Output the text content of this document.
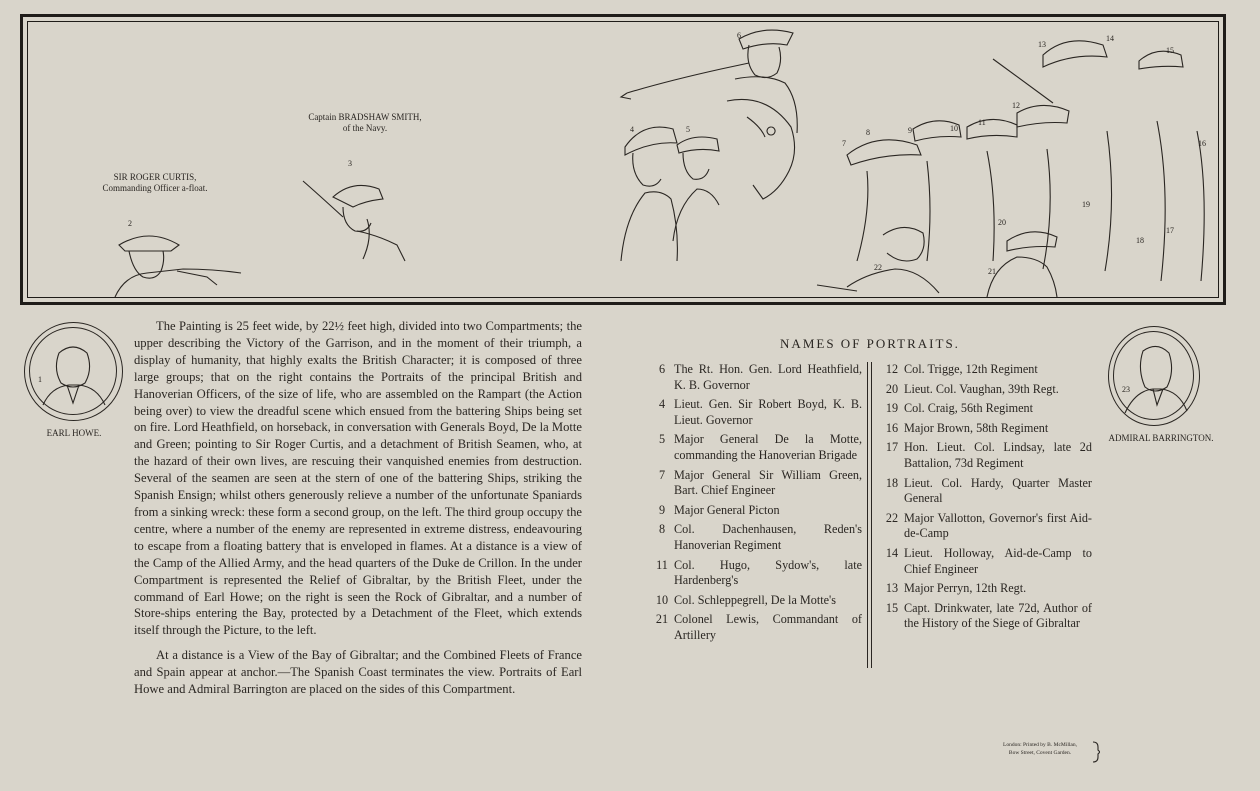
SIR ROGER CURTIS,
Commanding Officer a-float.
Captain BRADSHAW SMITH,
of the Navy.
2
3
6
4	5
7
8	9	10
11
12
13
14
15
16
17
18
19
20
21
22
1
EARL HOWE.

The Painting is 25 feet wide, by 22½ feet high, divided into two Compartments; the upper describing the Victory of the Garrison, and in the moment of their triumph, a display of humanity, that highly exalts the British Character; it is composed of three large groups; that on the right contains the Portraits of the principal British and Hanoverian Officers, of the size of life, who are assembled on the Rampart (the Action being over) to view the dreadful scene which ensued from the battering Ships being set on fire. Lord Heathfield, on horseback, in conversation with Generals Boyd, De la Motte and Green; pointing to Sir Roger Curtis, and a detachment of British Seamen, who, at the hazard of their own lives, are rescuing their vanquished enemies from destruction. Several of the seamen are seen at the stern of one of the battering Ships, striking the Spanish Ensign; whilst others generously relieve a number of the unfortunate Spaniards from a sinking wreck: these form a second group, on the left. The third group occupy the centre, where a number of the enemy are represented in extreme distress, endeavouring to escape from a floating battery that is enveloped in flames. At a distance is a view of the Camp of the Allied Army, and the head quarters of the Duke de Crillon. In the under Compartment is represented the Relief of Gibraltar, by the British Fleet, under the command of Earl Howe; on the right is seen the Rock of Gibraltar, and a number of Store-ships entering the Bay, protected by a Detachment of the Fleet, which extends itself through the Picture, to the left.

At a distance is a View of the Bay of Gibraltar; and the Combined Fleets of France and Spain appear at anchor.—The Spanish Coast terminates the view. Portraits of Earl Howe and Admiral Barrington are placed on the sides of this Compartment.

NAMES OF PORTRAITS.
6 The Rt. Hon. Gen. Lord Heathfield, K. B. Governor
4 Lieut. Gen. Sir Robert Boyd, K. B. Lieut. Governor
5 Major General De la Motte, commanding the Hanoverian Brigade
7 Major General Sir William Green, Bart. Chief Engineer
9 Major General Picton
8 Col. Dachenhausen, Reden's Hanoverian Regiment
11 Col. Hugo, Sydow's, late Hardenberg's
10 Col. Schleppegrell, De la Motte's
21 Colonel Lewis, Commandant of Artillery
12 Col. Trigge, 12th Regiment
20 Lieut. Col. Vaughan, 39th Regt.
19 Col. Craig, 56th Regiment
16 Major Brown, 58th Regiment
17 Hon. Lieut. Col. Lindsay, late 2d Battalion, 73d Regiment
18 Lieut. Col. Hardy, Quarter Master General
22 Major Vallotton, Governor's first Aid-de-Camp
14 Lieut. Holloway, Aid-de-Camp to Chief Engineer
13 Major Perryn, 12th Regt.
15 Capt. Drinkwater, late 72d, Author of the History of the Siege of Gibraltar
23
ADMIRAL BARRINGTON.
London: Printed by B. McMillan,
Bow Street, Covent Garden.
